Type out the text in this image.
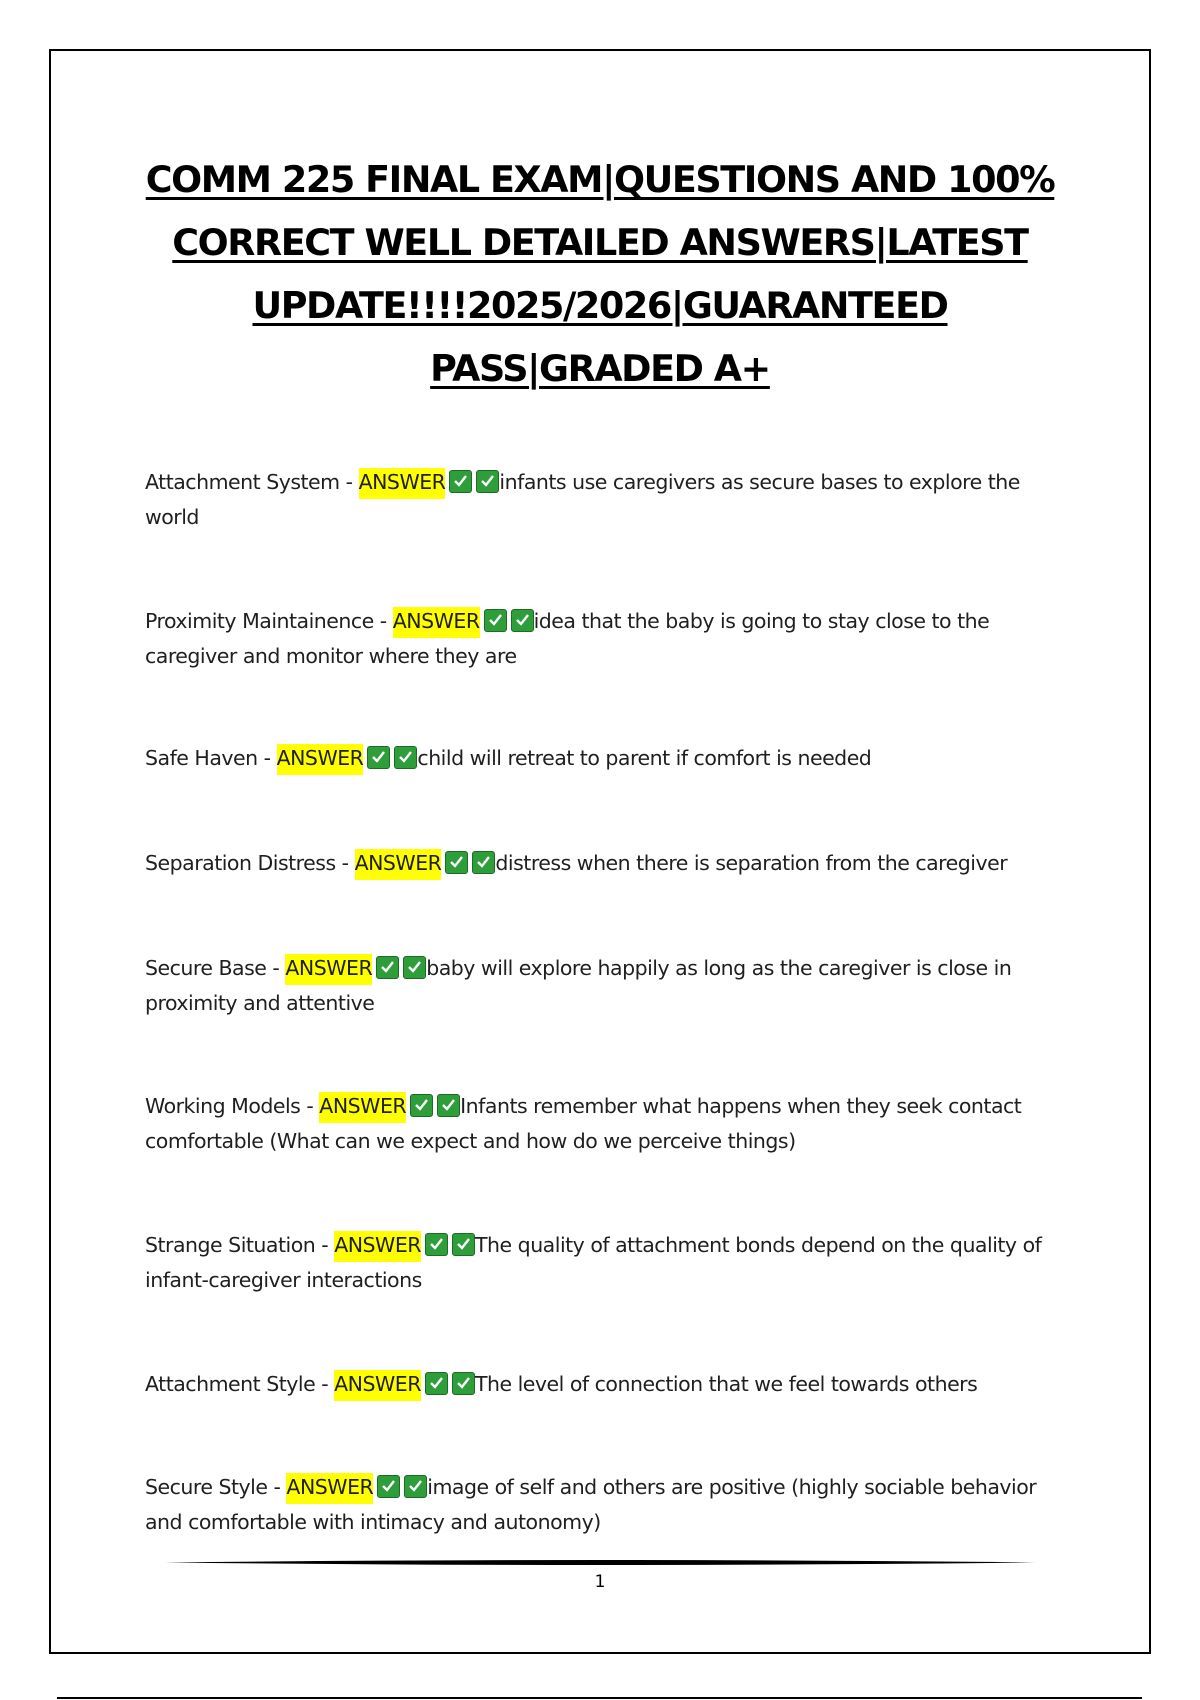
COMM 225 FINAL EXAM|QUESTIONS AND 100% CORRECT WELL DETAILED ANSWERS|LATEST UPDATE!!!!2025/2026|GUARANTEED PASS|GRADED A+

Attachment System - ANSWER	infants use caregivers as secure bases to explore the world

Proximity Maintainence - ANSWER	idea that the baby is going to stay close to the caregiver and monitor where they are

Safe Haven - ANSWER	child will retreat to parent if comfort is needed

Separation Distress - ANSWER	distress when there is separation from the caregiver

Secure Base - ANSWER	baby will explore happily as long as the caregiver is close in proximity and attentive

Working Models - ANSWER	Infants remember what happens when they seek contact comfortable (What can we expect and how do we perceive things)

Strange Situation - ANSWER	The quality of attachment bonds depend on the quality of infant-caregiver interactions

Attachment Style - ANSWER	The level of connection that we feel towards others

Secure Style - ANSWER	image of self and others are positive (highly sociable behavior and comfortable with intimacy and autonomy)

1
